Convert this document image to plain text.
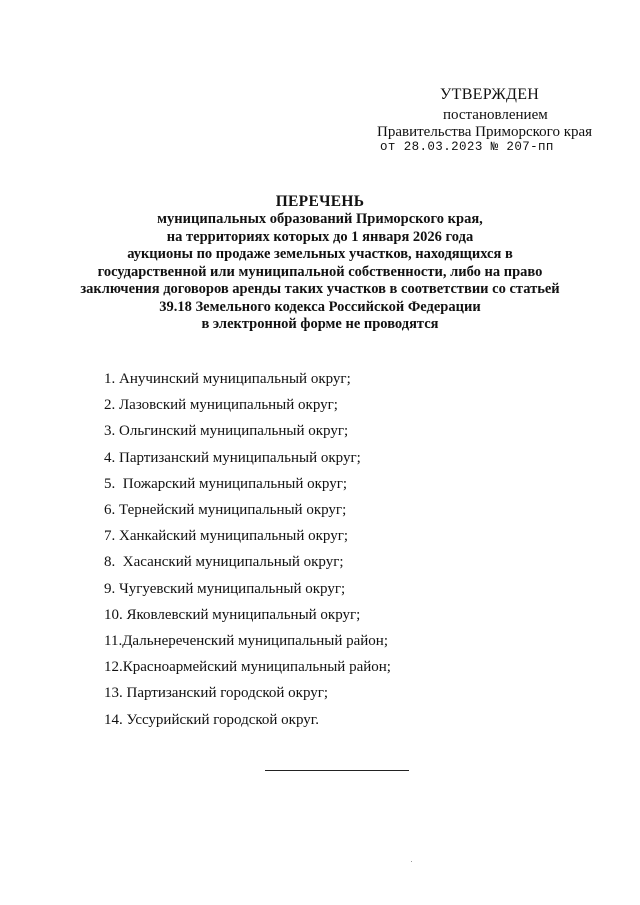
УТВЕРЖДЕН
постановлением
Правительства Приморского края
от 28.03.2023 № 207-пп
ПЕРЕЧЕНЬ
муниципальных образований Приморского края,
на территориях которых до 1 января 2026 года
аукционы по продаже земельных участков, находящихся в
государственной или муниципальной собственности, либо на право
заключения договоров аренды таких участков в соответствии со статьей
39.18 Земельного кодекса Российской Федерации
в электронной форме не проводятся
1. Анучинский муниципальный округ;
2. Лазовский муниципальный округ;
3. Ольгинский муниципальный округ;
4. Партизанский муниципальный округ;
5. Пожарский муниципальный округ;
6. Тернейский муниципальный округ;
7. Ханкайский муниципальный округ;
8. Хасанский муниципальный округ;
9. Чугуевский муниципальный округ;
10. Яковлевский муниципальный округ;
11.Дальнереченский муниципальный район;
12.Красноармейский муниципальный район;
13. Партизанский городской округ;
14. Уссурийский городской округ.
